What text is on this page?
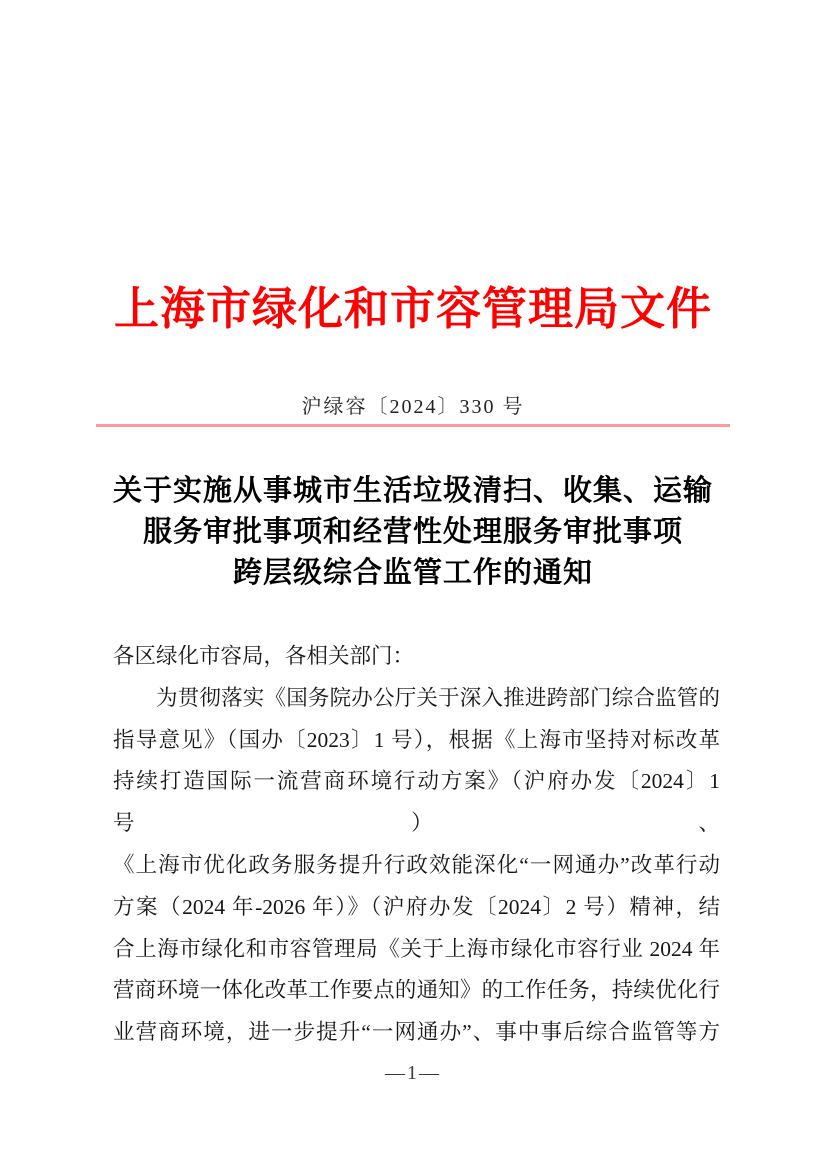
上海市绿化和市容管理局文件
沪绿容〔2024〕330 号
关于实施从事城市生活垃圾清扫、收集、运输
服务审批事项和经营性处理服务审批事项
跨层级综合监管工作的通知
各区绿化市容局，各相关部门：
为贯彻落实《国务院办公厅关于深入推进跨部门综合监管的
指导意见》（国办〔2023〕1 号），根据《上海市坚持对标改革
持续打造国际一流营商环境行动方案》（沪府办发〔2024〕1 号）、
《上海市优化政务服务提升行政效能深化“一网通办”改革行动
方案（2024 年-2026 年）》（沪府办发〔2024〕2 号）精神，结
合上海市绿化和市容管理局《关于上海市绿化市容行业 2024 年
营商环境一体化改革工作要点的通知》的工作任务，持续优化行
业营商环境，进一步提升“一网通办”、事中事后综合监管等方
—1—
